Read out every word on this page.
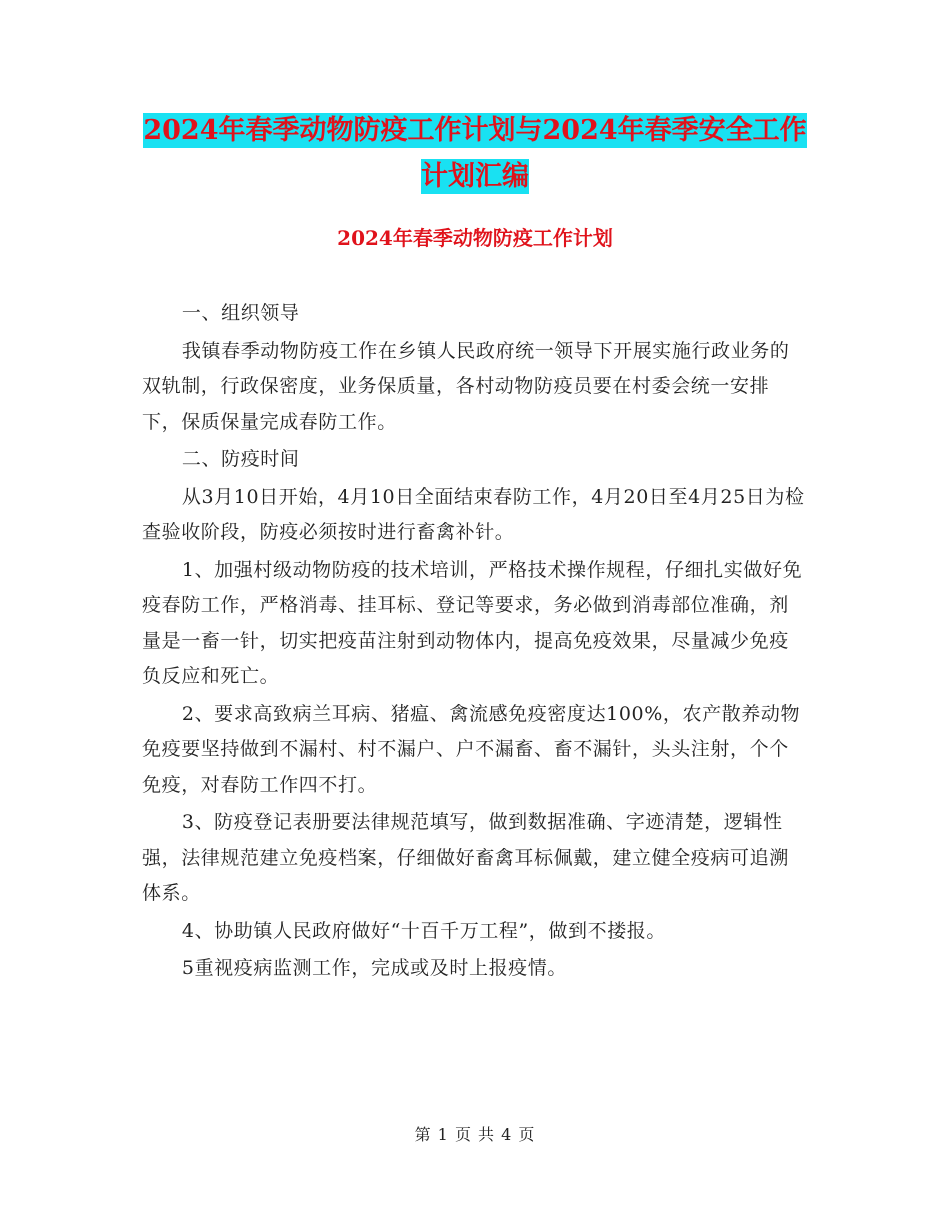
2024年春季动物防疫工作计划与2024年春季安全工作
计划汇编
2024年春季动物防疫工作计划

一、组织领导

我镇春季动物防疫工作在乡镇人民政府统一领导下开展实施行政业务的双轨制，行政保密度，业务保质量，各村动物防疫员要在村委会统一安排下，保质保量完成春防工作。

二、防疫时间

从3月10日开始，4月10日全面结束春防工作，4月20日至4月25日为检查验收阶段，防疫必须按时进行畜禽补针。

1、加强村级动物防疫的技术培训，严格技术操作规程，仔细扎实做好免疫春防工作，严格消毒、挂耳标、登记等要求，务必做到消毒部位准确，剂量是一畜一针，切实把疫苗注射到动物体内，提高免疫效果，尽量减少免疫负反应和死亡。

2、要求高致病兰耳病、猪瘟、禽流感免疫密度达100%，农产散养动物免疫要坚持做到不漏村、村不漏户、户不漏畜、畜不漏针，头头注射，个个免疫，对春防工作四不打。

3、防疫登记表册要法律规范填写，做到数据准确、字迹清楚，逻辑性强，法律规范建立免疫档案，仔细做好畜禽耳标佩戴，建立健全疫病可追溯体系。

4、协助镇人民政府做好“十百千万工程”，做到不搂报。

5重视疫病监测工作，完成或及时上报疫情。

第 1 页 共 4 页
